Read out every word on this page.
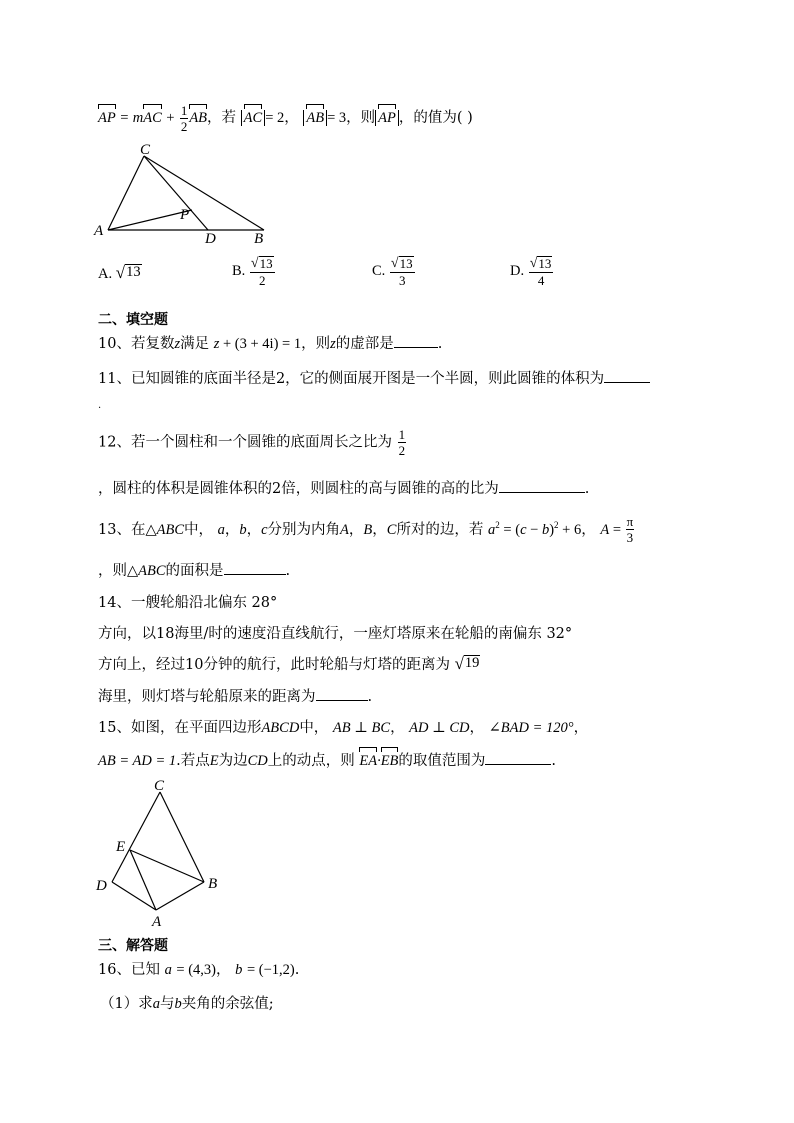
AP = mAC + $\frac{1}{2}$ AB，若 AC = 2， AB = 3，则 AP ，的值为( )
C
A
P
D	B
A. √ 13	B. $\frac{√ 13}{2}$	C. $\frac{√ 13}{3}$	D. $\frac{√ 13}{4}$
二、填空题
10、若复数z满足 z + (3 + 4i) = 1，则z的虚部是	.
11、已知圆锥的底面半径是2，它的侧面展开图是一个半圆，则此圆锥的体积为
.
12、若一个圆柱和一个圆锥的底面周长之比为 $\frac{1}{2}$
，圆柱的体积是圆锥体积的2倍，则圆柱的高与圆锥的高的比为	.
13、在△ABC中， a，b，c分别为内角A，B，C所对的边，若 $a^2 = (c - b)^2 + 6$， $A = \frac{\pi}{3}$
，则△ABC的面积是	.
14、一艘轮船沿北偏东 28°
方向，以18海里/时的速度沿直线航行，一座灯塔原来在轮船的南偏东 32°
方向上，经过10分钟的航行，此时轮船与灯塔的距离为 √ 19
海里，则灯塔与轮船原来的距离为	.
15、如图，在平面四边形ABCD中， AB ⊥ BC， AD ⊥ CD， ∠BAD = 120°，
AB = AD = 1.若点E为边CD上的动点，则 EA·EB的取值范围为	.
C
E
D	B
A
三、解答题
16、已知 a = (4,3)， b = (−1,2).
（1）求a与b夹角的余弦值;
